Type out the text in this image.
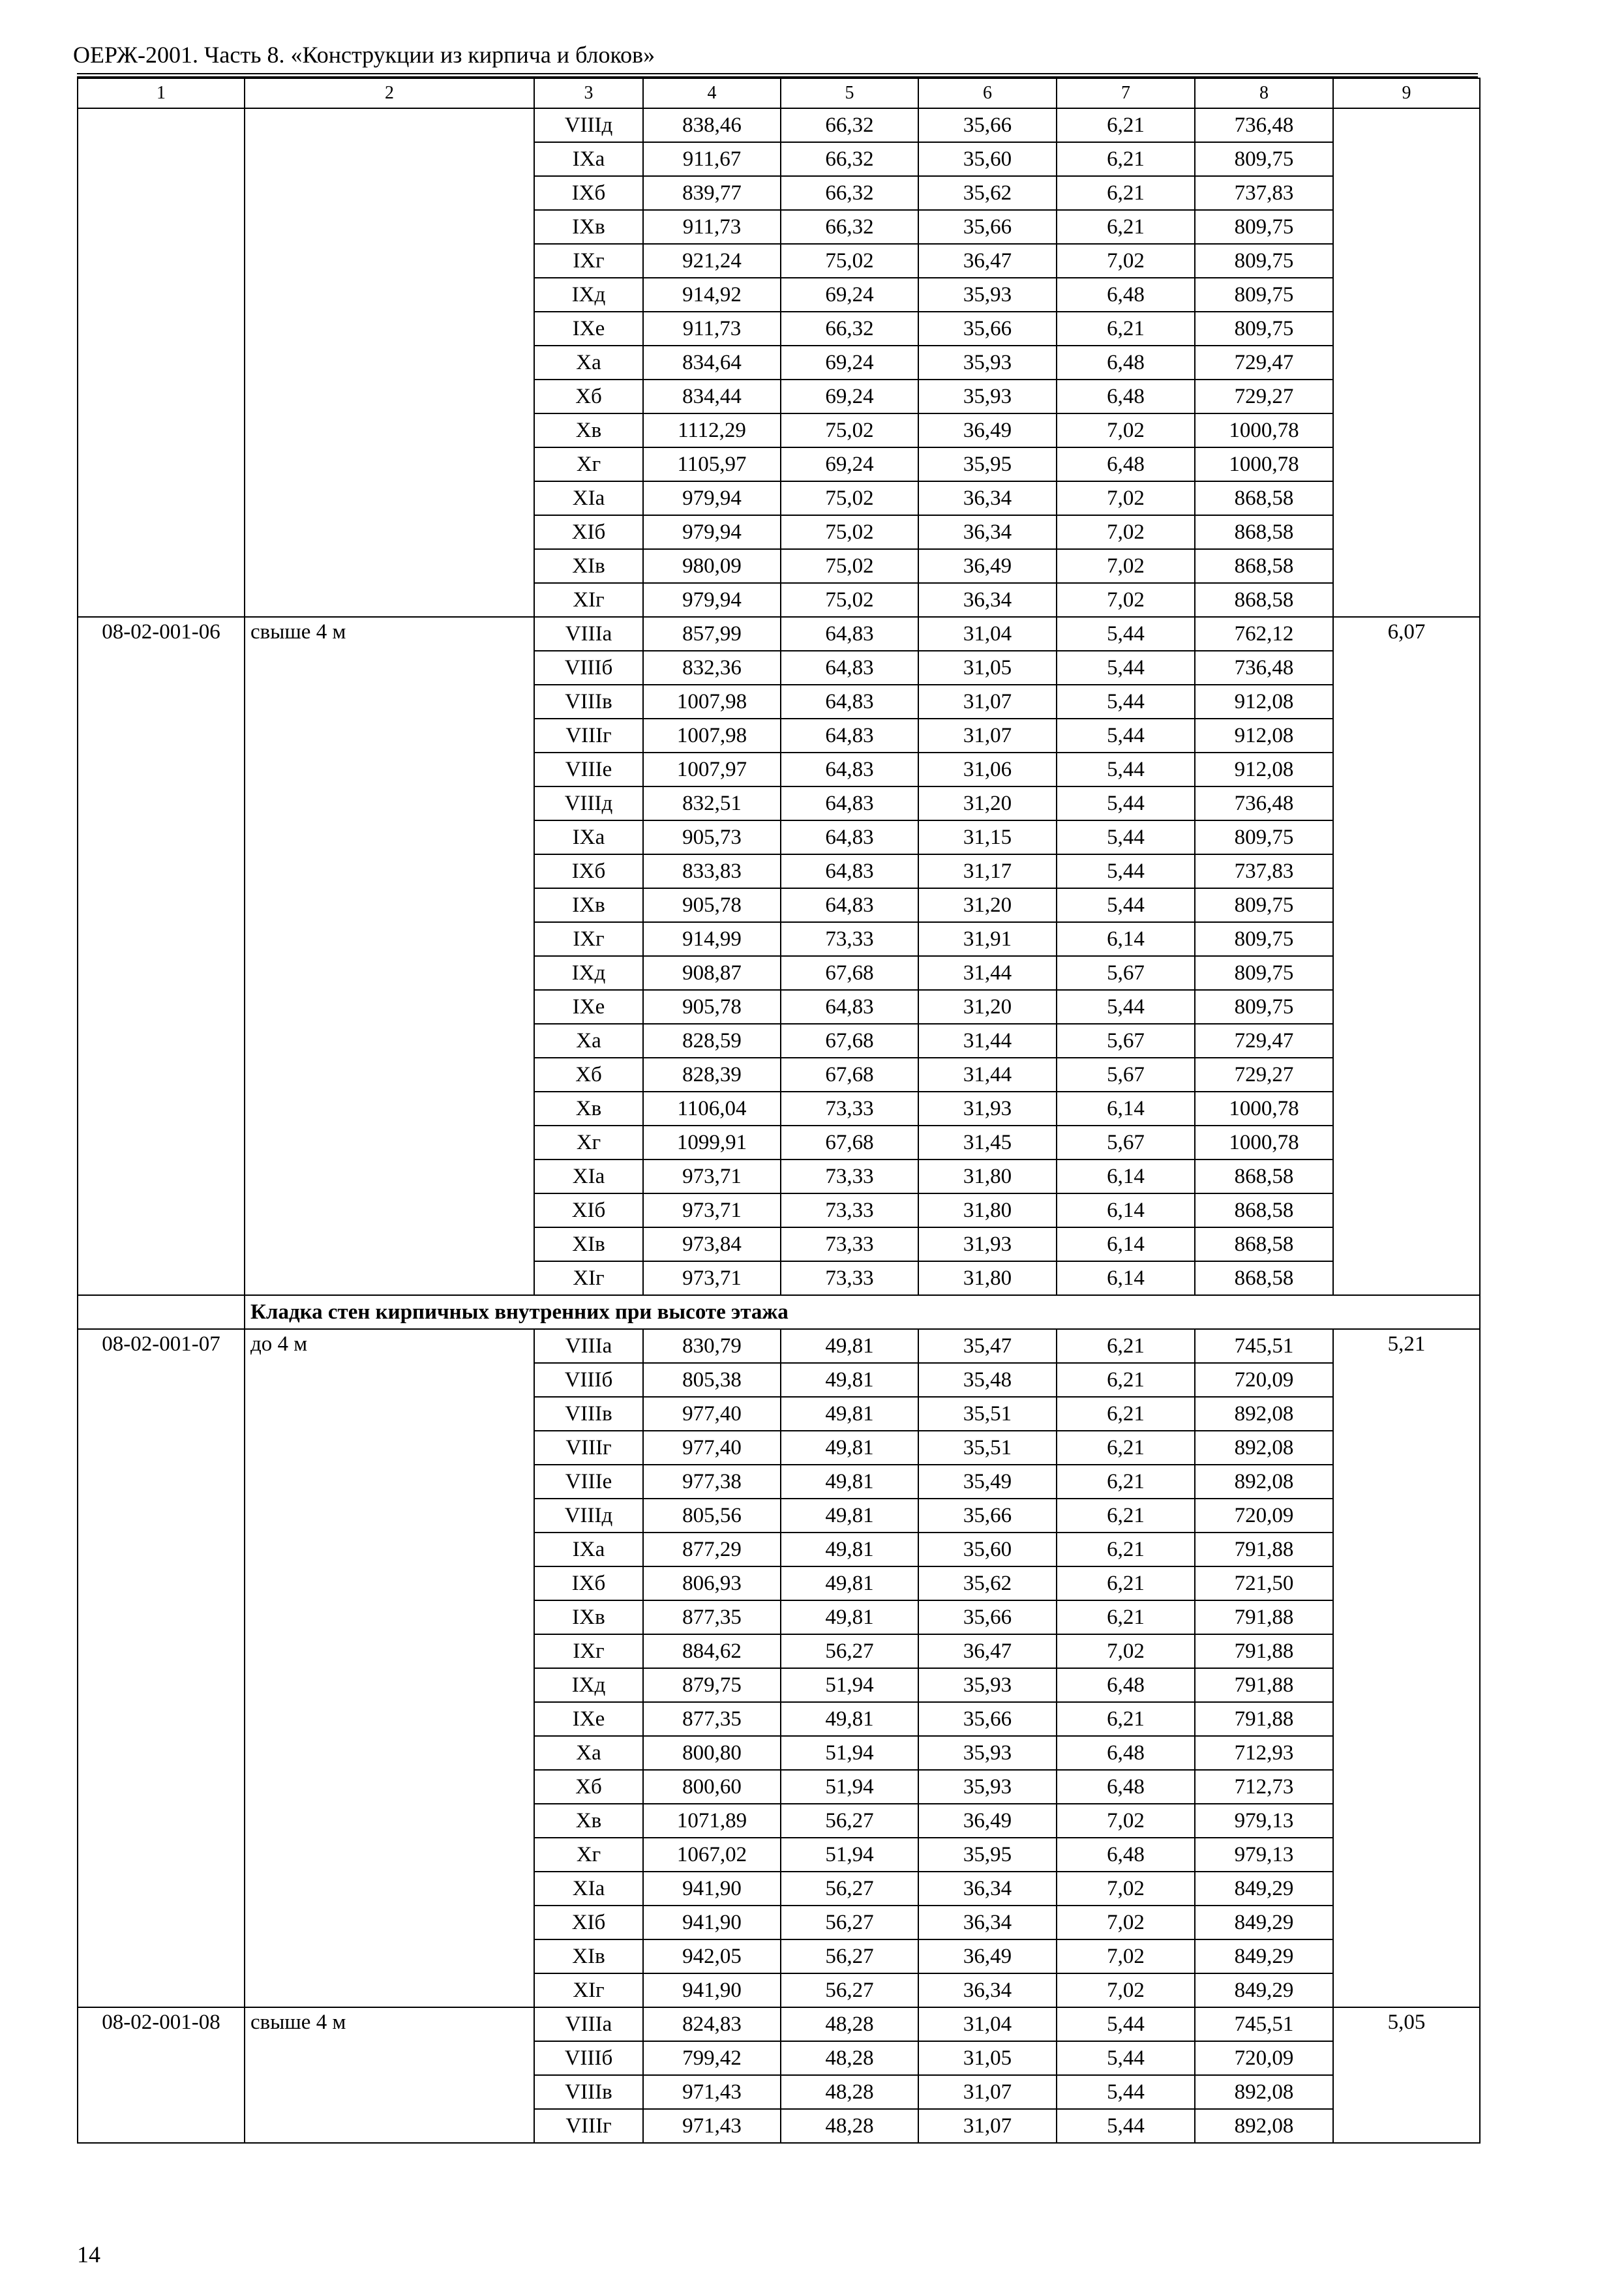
ОЕРЖ-2001. Часть 8. «Конструкции из кирпича и блоков»
1	2	3	4	5	6	7	8	9
		VIIIд	838,46	66,32	35,66	6,21	736,48	
		IXа	911,67	66,32	35,60	6,21	809,75	
		IXб	839,77	66,32	35,62	6,21	737,83	
		IXв	911,73	66,32	35,66	6,21	809,75	
		IXг	921,24	75,02	36,47	7,02	809,75	
		IXд	914,92	69,24	35,93	6,48	809,75	
		IXе	911,73	66,32	35,66	6,21	809,75	
		Xа	834,64	69,24	35,93	6,48	729,47	
		Xб	834,44	69,24	35,93	6,48	729,27	
		Xв	1112,29	75,02	36,49	7,02	1000,78	
		Xг	1105,97	69,24	35,95	6,48	1000,78	
		XIа	979,94	75,02	36,34	7,02	868,58	
		XIб	979,94	75,02	36,34	7,02	868,58	
		XIв	980,09	75,02	36,49	7,02	868,58	
		XIг	979,94	75,02	36,34	7,02	868,58	
08-02-001-06	свыше 4 м	VIIIа	857,99	64,83	31,04	5,44	762,12	6,07
		VIIIб	832,36	64,83	31,05	5,44	736,48	
		VIIIв	1007,98	64,83	31,07	5,44	912,08	
		VIIIг	1007,98	64,83	31,07	5,44	912,08	
		VIIIе	1007,97	64,83	31,06	5,44	912,08	
		VIIIд	832,51	64,83	31,20	5,44	736,48	
		IXа	905,73	64,83	31,15	5,44	809,75	
		IXб	833,83	64,83	31,17	5,44	737,83	
		IXв	905,78	64,83	31,20	5,44	809,75	
		IXг	914,99	73,33	31,91	6,14	809,75	
		IXд	908,87	67,68	31,44	5,67	809,75	
		IXе	905,78	64,83	31,20	5,44	809,75	
		Xа	828,59	67,68	31,44	5,67	729,47	
		Xб	828,39	67,68	31,44	5,67	729,27	
		Xв	1106,04	73,33	31,93	6,14	1000,78	
		Xг	1099,91	67,68	31,45	5,67	1000,78	
		XIа	973,71	73,33	31,80	6,14	868,58	
		XIб	973,71	73,33	31,80	6,14	868,58	
		XIв	973,84	73,33	31,93	6,14	868,58	
		XIг	973,71	73,33	31,80	6,14	868,58	
	Кладка стен кирпичных внутренних при высоте этажа							
08-02-001-07	до 4 м	VIIIа	830,79	49,81	35,47	6,21	745,51	5,21
		VIIIб	805,38	49,81	35,48	6,21	720,09	
		VIIIв	977,40	49,81	35,51	6,21	892,08	
		VIIIг	977,40	49,81	35,51	6,21	892,08	
		VIIIе	977,38	49,81	35,49	6,21	892,08	
		VIIIд	805,56	49,81	35,66	6,21	720,09	
		IXа	877,29	49,81	35,60	6,21	791,88	
		IXб	806,93	49,81	35,62	6,21	721,50	
		IXв	877,35	49,81	35,66	6,21	791,88	
		IXг	884,62	56,27	36,47	7,02	791,88	
		IXд	879,75	51,94	35,93	6,48	791,88	
		IXе	877,35	49,81	35,66	6,21	791,88	
		Xа	800,80	51,94	35,93	6,48	712,93	
		Xб	800,60	51,94	35,93	6,48	712,73	
		Xв	1071,89	56,27	36,49	7,02	979,13	
		Xг	1067,02	51,94	35,95	6,48	979,13	
		XIа	941,90	56,27	36,34	7,02	849,29	
		XIб	941,90	56,27	36,34	7,02	849,29	
		XIв	942,05	56,27	36,49	7,02	849,29	
		XIг	941,90	56,27	36,34	7,02	849,29	
08-02-001-08	свыше 4 м	VIIIа	824,83	48,28	31,04	5,44	745,51	5,05
		VIIIб	799,42	48,28	31,05	5,44	720,09	
		VIIIв	971,43	48,28	31,07	5,44	892,08	
		VIIIг	971,43	48,28	31,07	5,44	892,08	
14
